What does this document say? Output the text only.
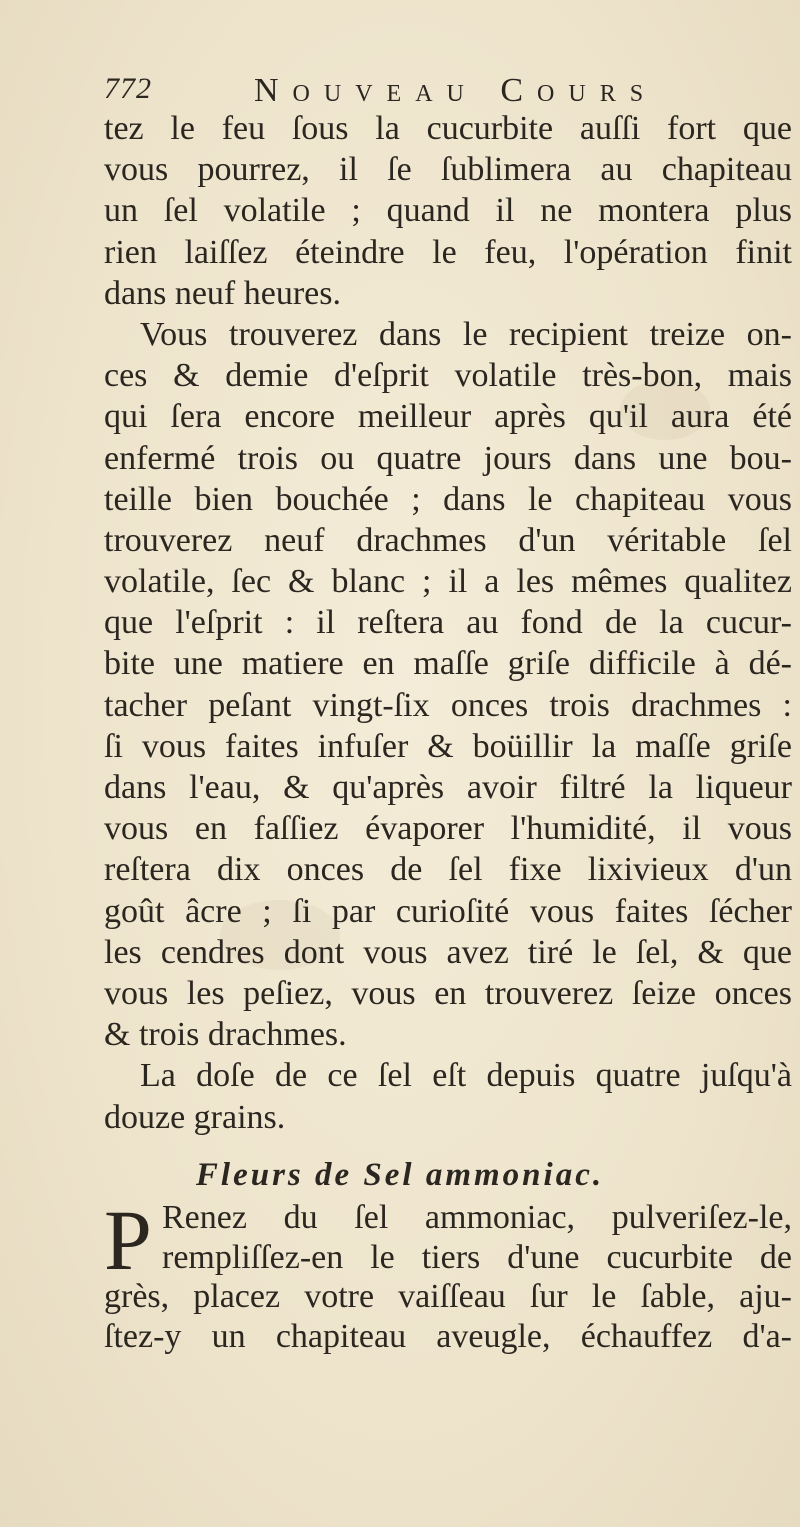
772	Nouveau Cours
tez le feu ſous la cucurbite auſſi fort que
vous pourrez, il ſe ſublimera au chapiteau
un ſel volatile ; quand il ne montera plus
rien laiſſez éteindre le feu, l'opération finit
dans neuf heures.
Vous trouverez dans le recipient treize on-
ces & demie d'eſprit volatile très-bon, mais
qui ſera encore meilleur après qu'il aura été
enfermé trois ou quatre jours dans une bou-
teille bien bouchée ; dans le chapiteau vous
trouverez neuf drachmes d'un véritable ſel
volatile, ſec & blanc ; il a les mêmes qualitez
que l'eſprit : il reſtera au fond de la cucur-
bite une matiere en maſſe griſe difficile à dé-
tacher peſant vingt-ſix onces trois drachmes :
ſi vous faites infuſer & boüillir la maſſe griſe
dans l'eau, & qu'après avoir filtré la liqueur
vous en faſſiez évaporer l'humidité, il vous
reſtera dix onces de ſel fixe lixivieux d'un
goût âcre ; ſi par curioſité vous faites ſécher
les cendres dont vous avez tiré le ſel, & que
vous les peſiez, vous en trouverez ſeize onces
& trois drachmes.
La doſe de ce ſel eſt depuis quatre juſqu'à
douze grains.
Fleurs de Sel ammoniac.
P Renez du ſel ammoniac, pulveriſez-le,
rempliſſez-en le tiers d'une cucurbite de
grès, placez votre vaiſſeau ſur le ſable, aju-
ſtez-y un chapiteau aveugle, échauffez d'a-
